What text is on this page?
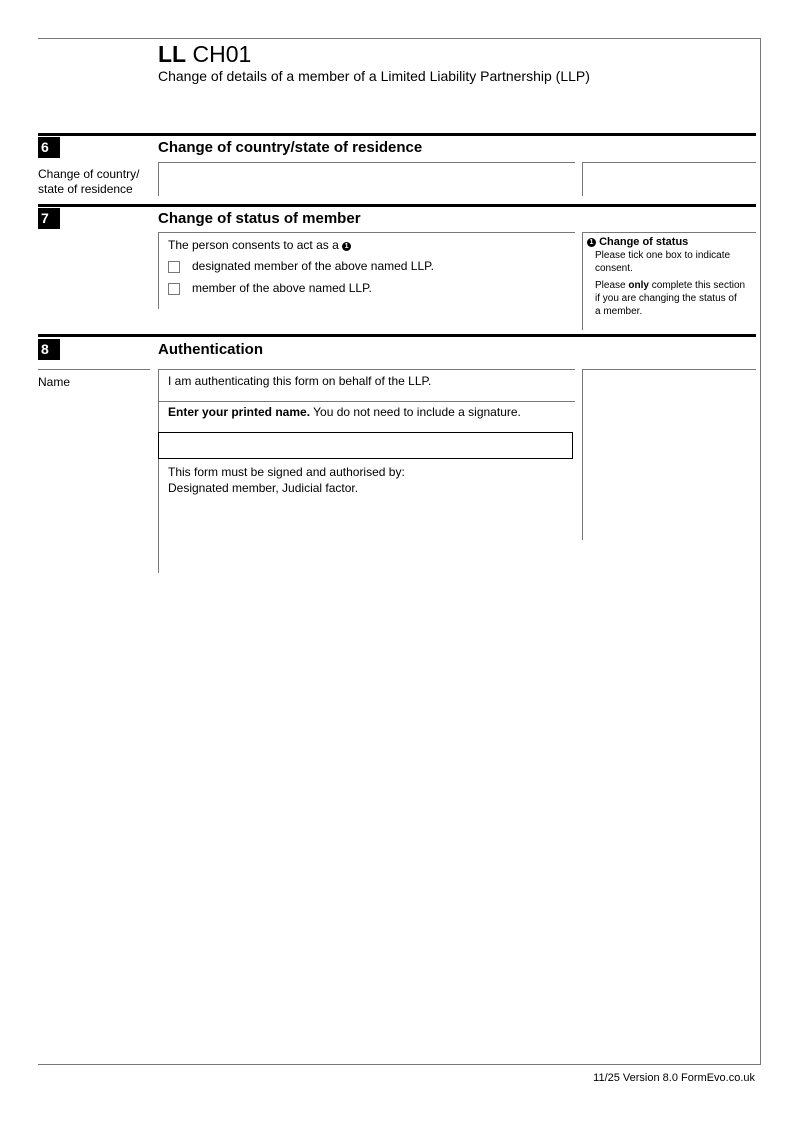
LL CH01
Change of details of a member of a Limited Liability Partnership (LLP)
6	Change of country/state of residence
Change of country/
state of residence
7	Change of status of member
The person consents to act as a 1
designated member of the above named LLP.
member of the above named LLP.
1 Change of status
Please tick one box to indicate
consent.
Please only complete this section
if you are changing the status of
a member.
8	Authentication
Name	I am authenticating this form on behalf of the LLP.
Enter your printed name. You do not need to include a signature.
This form must be signed and authorised by:
Designated member, Judicial factor.
11/25 Version 8.0 FormEvo.co.uk
